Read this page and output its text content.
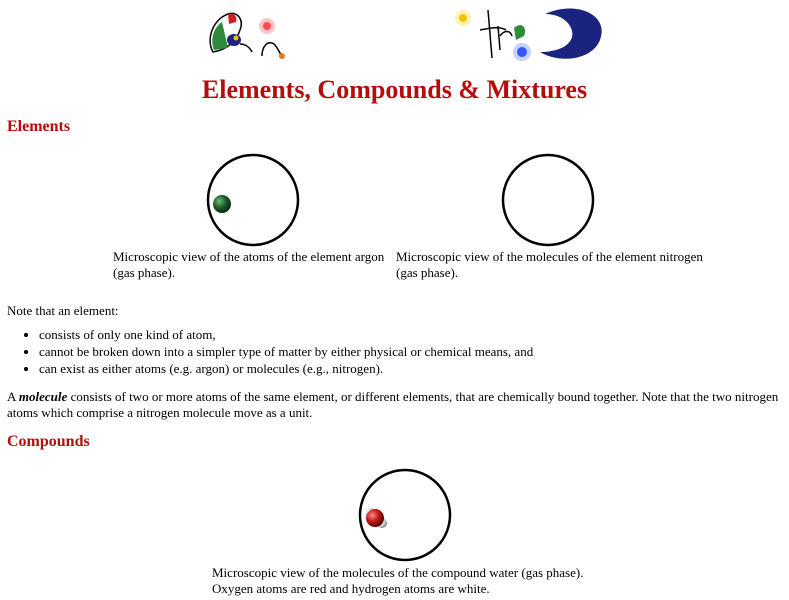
Elements, Compounds & Mixtures
Elements

Microscopic view of the atoms of the element argon (gas phase).

Microscopic view of the molecules of the element nitrogen (gas phase).

Note that an element:

• consists of only one kind of atom,
• cannot be broken down into a simpler type of matter by either physical or chemical means, and
• can exist as either atoms (e.g. argon) or molecules (e.g., nitrogen).

A molecule consists of two or more atoms of the same element, or different elements, that are chemically bound together. Note that the two nitrogen atoms which comprise a nitrogen molecule move as a unit.

Compounds

Microscopic view of the molecules of the compound water (gas phase).

Oxygen atoms are red and hydrogen atoms are white.
